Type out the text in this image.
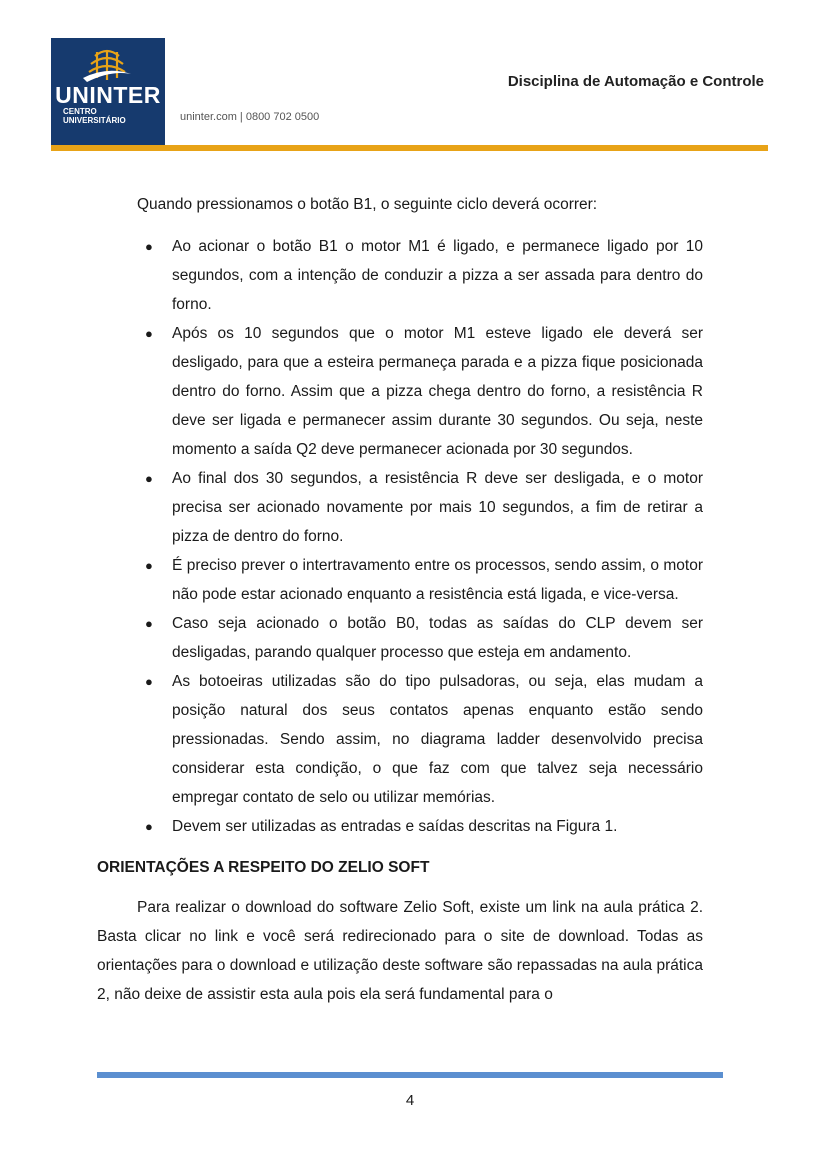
UNINTER
CENTRO
UNIVERSITÁRIO	uninter.com | 0800 702 0500
Disciplina de Automação e Controle

Quando pressionamos o botão B1, o seguinte ciclo deverá ocorrer:

● Ao acionar o botão B1 o motor M1 é ligado, e permanece ligado por 10 segundos, com a intenção de conduzir a pizza a ser assada para dentro do forno.
● Após os 10 segundos que o motor M1 esteve ligado ele deverá ser desligado, para que a esteira permaneça parada e a pizza fique posicionada dentro do forno. Assim que a pizza chega dentro do forno, a resistência R deve ser ligada e permanecer assim durante 30 segundos. Ou seja, neste momento a saída Q2 deve permanecer acionada por 30 segundos.
● Ao final dos 30 segundos, a resistência R deve ser desligada, e o motor precisa ser acionado novamente por mais 10 segundos, a fim de retirar a pizza de dentro do forno.
● É preciso prever o intertravamento entre os processos, sendo assim, o motor não pode estar acionado enquanto a resistência está ligada, e vice-versa.
● Caso seja acionado o botão B0, todas as saídas do CLP devem ser desligadas, parando qualquer processo que esteja em andamento.
● As botoeiras utilizadas são do tipo pulsadoras, ou seja, elas mudam a posição natural dos seus contatos apenas enquanto estão sendo pressionadas. Sendo assim, no diagrama ladder desenvolvido precisa considerar esta condição, o que faz com que talvez seja necessário empregar contato de selo ou utilizar memórias.
● Devem ser utilizadas as entradas e saídas descritas na Figura 1.
ORIENTAÇÕES A RESPEITO DO ZELIO SOFT

Para realizar o download do software Zelio Soft, existe um link na aula prática 2. Basta clicar no link e você será redirecionado para o site de download. Todas as orientações para o download e utilização deste software são repassadas na aula prática 2, não deixe de assistir esta aula pois ela será fundamental para o

4
